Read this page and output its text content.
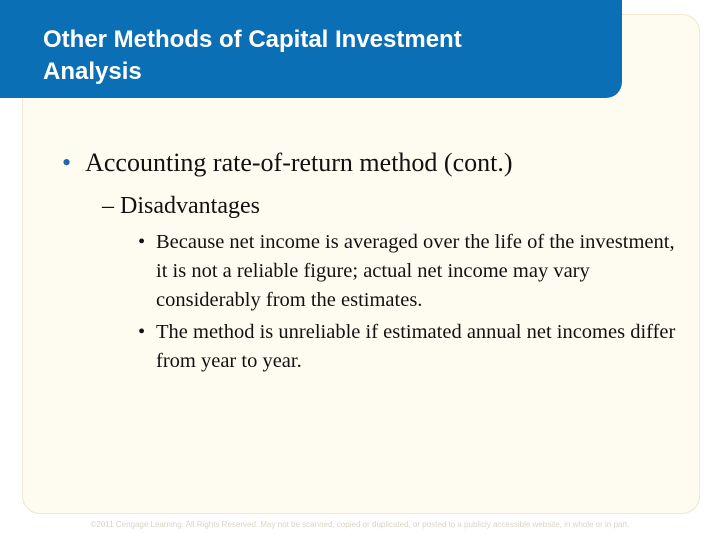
Other Methods of Capital Investment
Analysis
• Accounting rate-of-return method (cont.)
– Disadvantages
• Because net income is averaged over the life of the investment, it is not a reliable figure; actual net income may vary considerably from the estimates.
• The method is unreliable if estimated annual net incomes differ from year to year.
©2011 Cengage Learning. All Rights Reserved. May not be scanned, copied or duplicated, or posted to a publicly accessible website, in whole or in part.
